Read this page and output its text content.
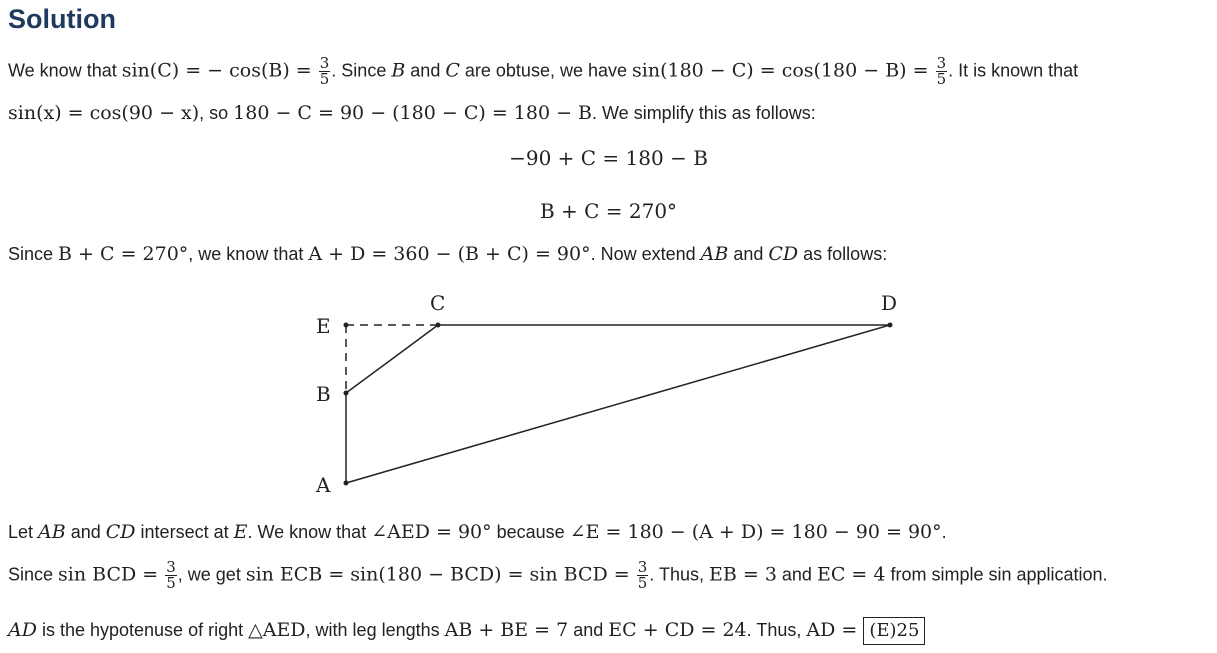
Solution
We know that sin(C) = − $\cos(B) = \frac{3}{5}$ . Since B and C are obtuse, we have $\sin(180 - C) = \cos(180 - B) = \frac{3}{5}$ . It is known that
sin(x) = cos(90 − x), so 180 − C = 90 − (180 − C) = 180 − B. We simplify this as follows:
−90 + C = 180 − B
B + C = 270°
Since B + C = 270°, we know that A + D = 360 − (B + C) = 90°. Now extend AB and CD as follows:
E
C	D
B
A
Let AB and CD intersect at E. We know that ∠AED = 90° because ∠E = 180 − (A + D) = 180 − 90 = 90°.
Since sin BCD = $\frac{3}{5}$ , we get sin ECB = sin(180 − BCD) = sin BCD = $\frac{3}{5}$ . Thus, EB = 3 and EC = 4 from simple sin application.
AD is the hypotenuse of right △AED, with leg lengths AB + BE = 7 and EC + CD = 24. Thus, AD = (E)25
